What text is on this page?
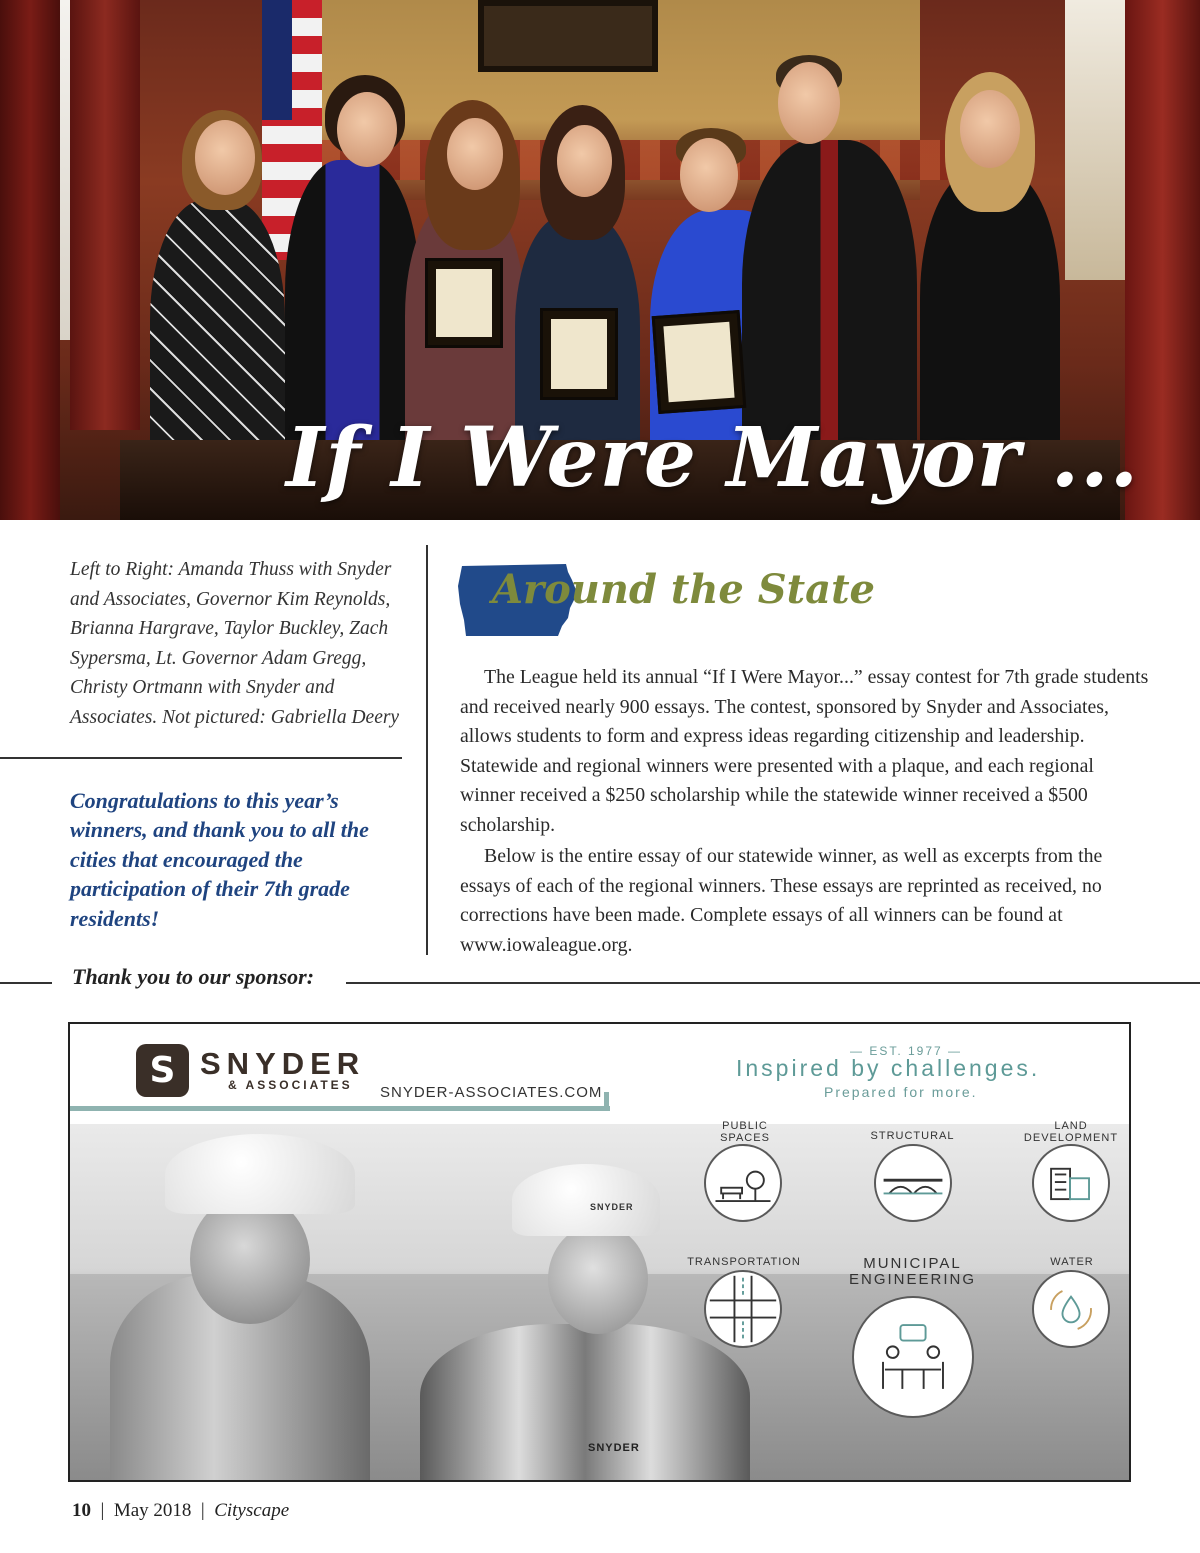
If I Were Mayor ...

Left to Right: Amanda Thuss with Snyder and Associates, Governor Kim Reynolds, Brianna Hargrave, Taylor Buckley, Zach Sypersma, Lt. Governor Adam Gregg, Christy Ortmann with Snyder and Associates. Not pictured: Gabriella Deery

Congratulations to this year’s winners, and thank you to all the cities that encouraged the participation of their 7th grade residents!

Around the State

The League held its annual “If I Were Mayor...” essay contest for 7th grade students and received nearly 900 essays. The contest, sponsored by Snyder and Associates, allows students to form and express ideas regarding citizenship and leadership. Statewide and regional winners were presented with a plaque, and each regional winner received a $250 scholarship while the statewide winner received a $500 scholarship.

Below is the entire essay of our statewide winner, as well as excerpts from the essays of each of the regional winners. These essays are reprinted as received, no corrections have been made. Complete essays of all winners can be found at www.iowaleague.org.

Thank you to our sponsor:

SNYDER

SNYDER

S SNYDER

& ASSOCIATES SNYDER-ASSOCIATES.COM

— EST. 1977 —

Inspired by challenges.

Prepared for more.

PUBLIC SPACES	STRUCTURAL

LAND DEVELOPMENT

TRANSPORTATION	MUNICIPAL ENGINEERING

WATER

10  |  May 2018  |  Cityscape
